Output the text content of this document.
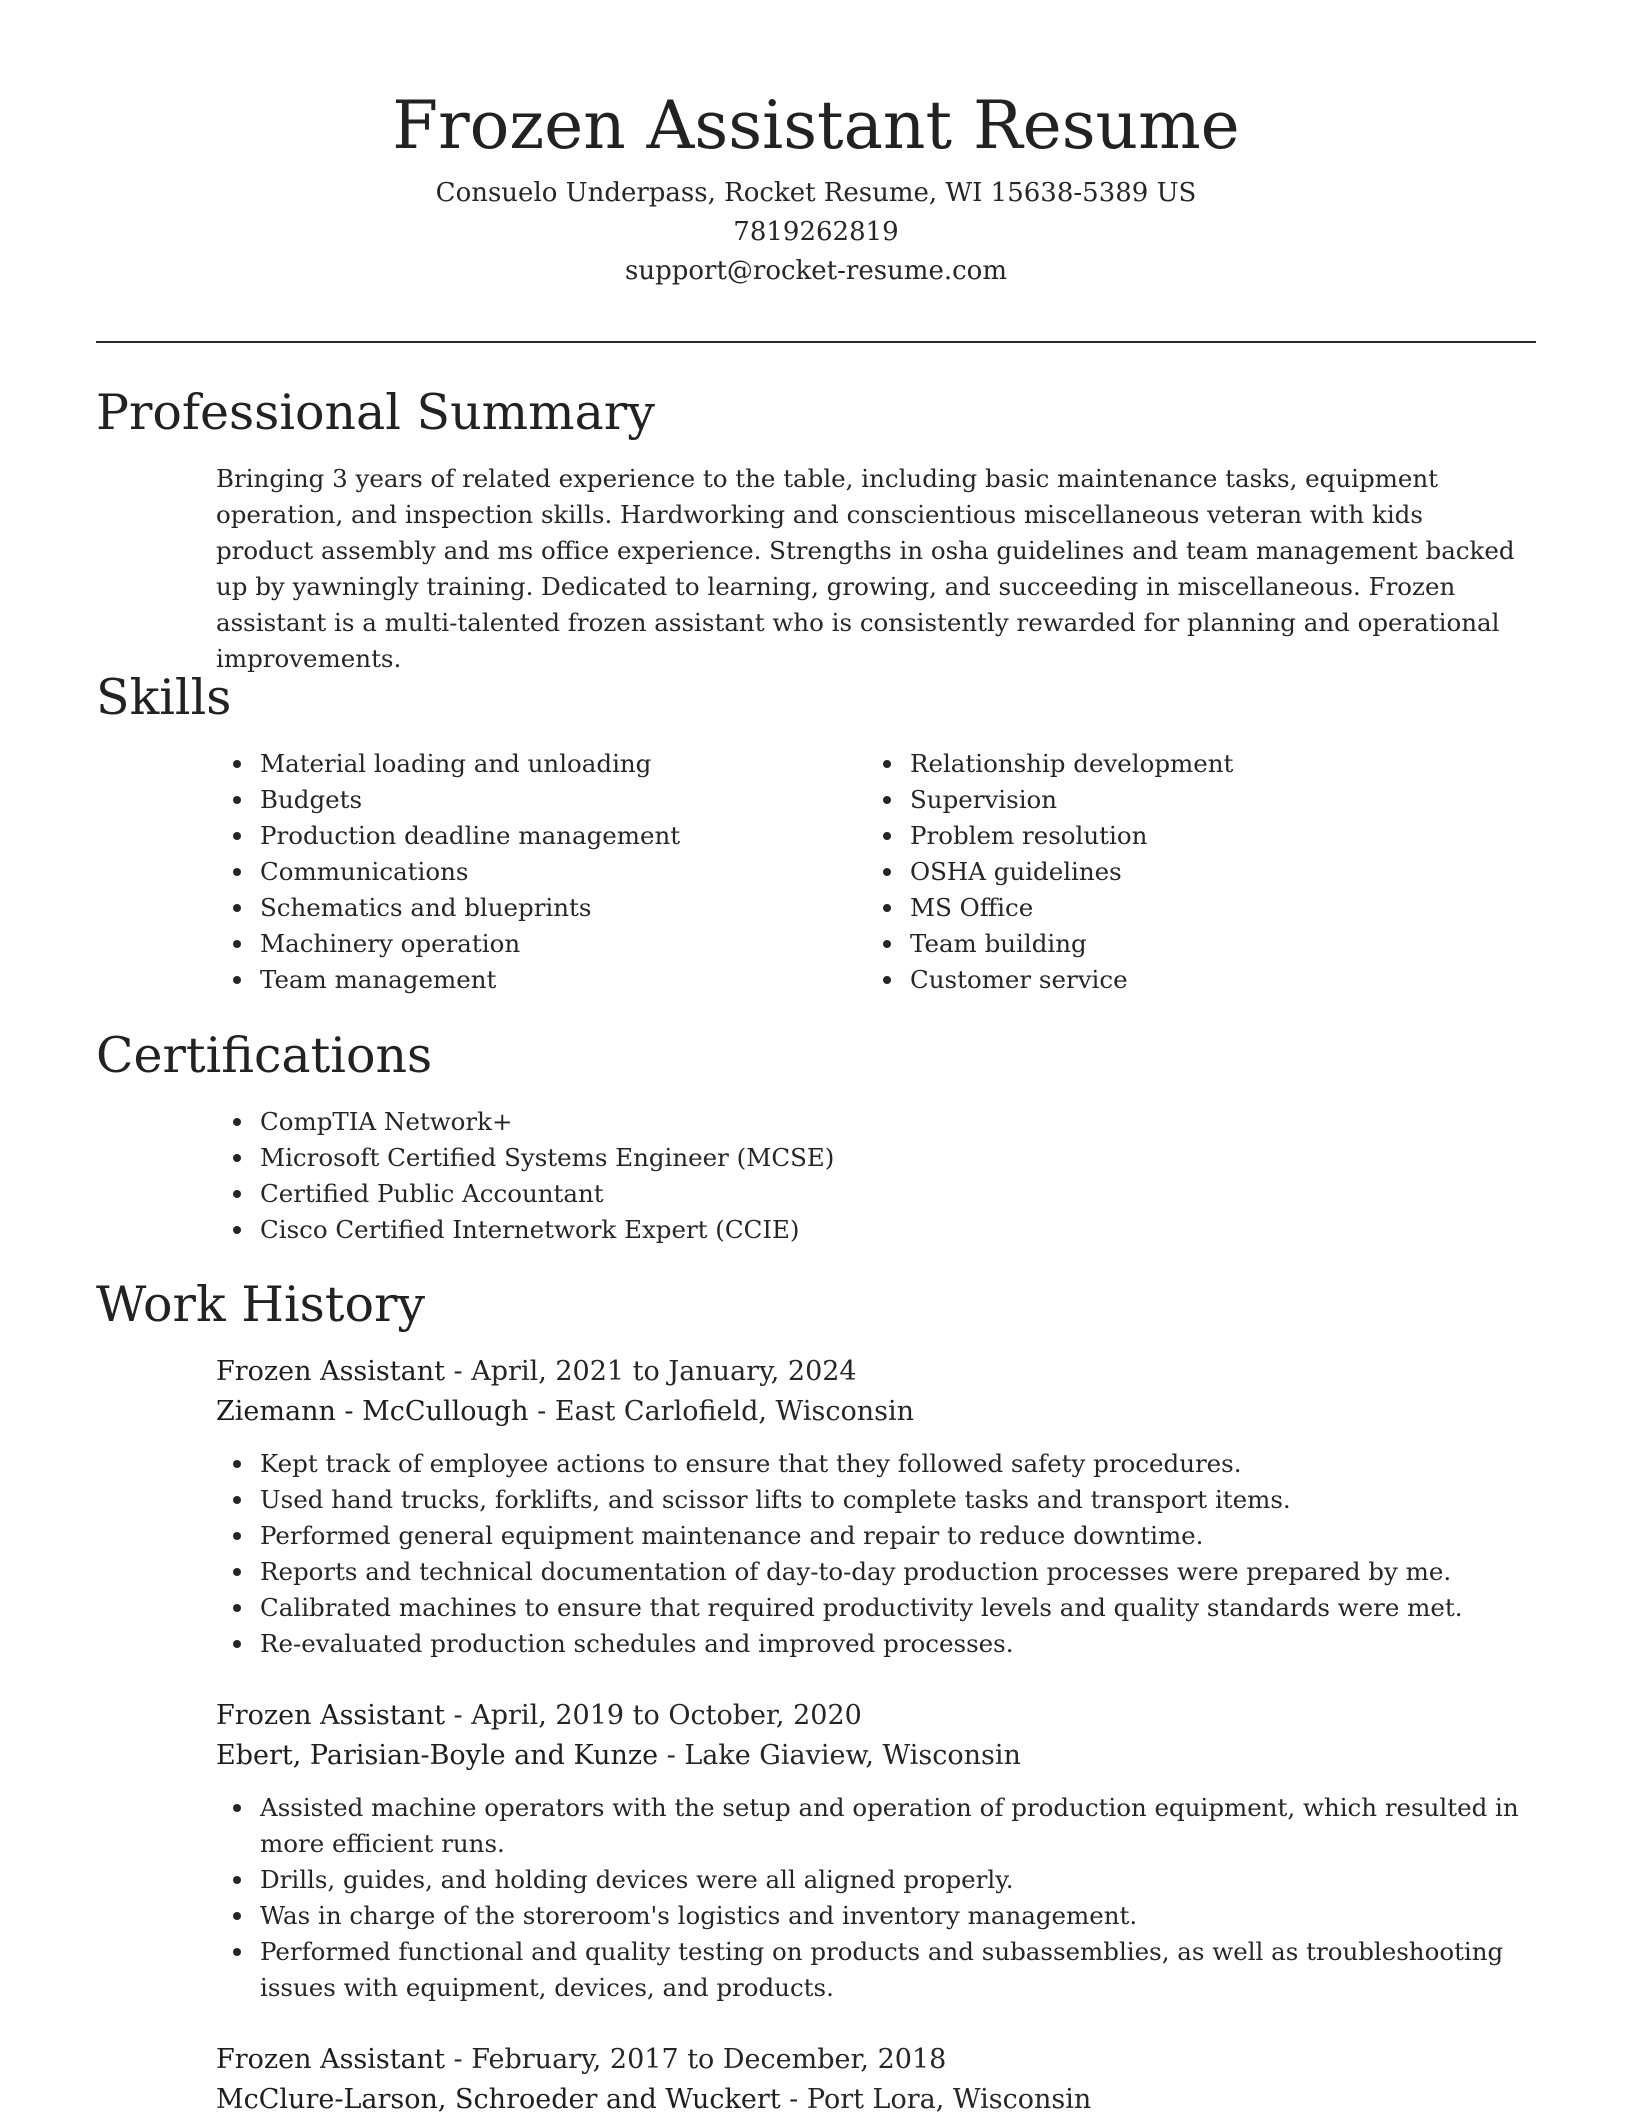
Frozen Assistant Resume
Consuelo Underpass, Rocket Resume, WI 15638-5389 US
7819262819
support@rocket-resume.com
Professional Summary

Bringing 3 years of related experience to the table, including basic maintenance tasks, equipment operation, and inspection skills. Hardworking and conscientious miscellaneous veteran with kids product assembly and ms office experience. Strengths in osha guidelines and team management backed up by yawningly training. Dedicated to learning, growing, and succeeding in miscellaneous. Frozen assistant is a multi-talented frozen assistant who is consistently rewarded for planning and operational improvements.

Skills
Material loading and unloading
Budgets
Production deadline management
Communications
Schematics and blueprints
Machinery operation
Team management
Relationship development
Supervision
Problem resolution
OSHA guidelines
MS Office
Team building
Customer service
Certifications
CompTIA Network+
Microsoft Certified Systems Engineer (MCSE)
Certified Public Accountant
Cisco Certified Internetwork Expert (CCIE)
Work History
Frozen Assistant - April, 2021 to January, 2024
Ziemann - McCullough - East Carlofield, Wisconsin
Kept track of employee actions to ensure that they followed safety procedures.
Used hand trucks, forklifts, and scissor lifts to complete tasks and transport items.
Performed general equipment maintenance and repair to reduce downtime.
Reports and technical documentation of day-to-day production processes were prepared by me.
Calibrated machines to ensure that required productivity levels and quality standards were met.
Re-evaluated production schedules and improved processes.
Frozen Assistant - April, 2019 to October, 2020
Ebert, Parisian-Boyle and Kunze - Lake Giaview, Wisconsin
Assisted machine operators with the setup and operation of production equipment, which resulted in more efficient runs.
Drills, guides, and holding devices were all aligned properly.
Was in charge of the storeroom's logistics and inventory management.
Performed functional and quality testing on products and subassemblies, as well as troubleshooting issues with equipment, devices, and products.
Frozen Assistant - February, 2017 to December, 2018
McClure-Larson, Schroeder and Wuckert - Port Lora, Wisconsin
